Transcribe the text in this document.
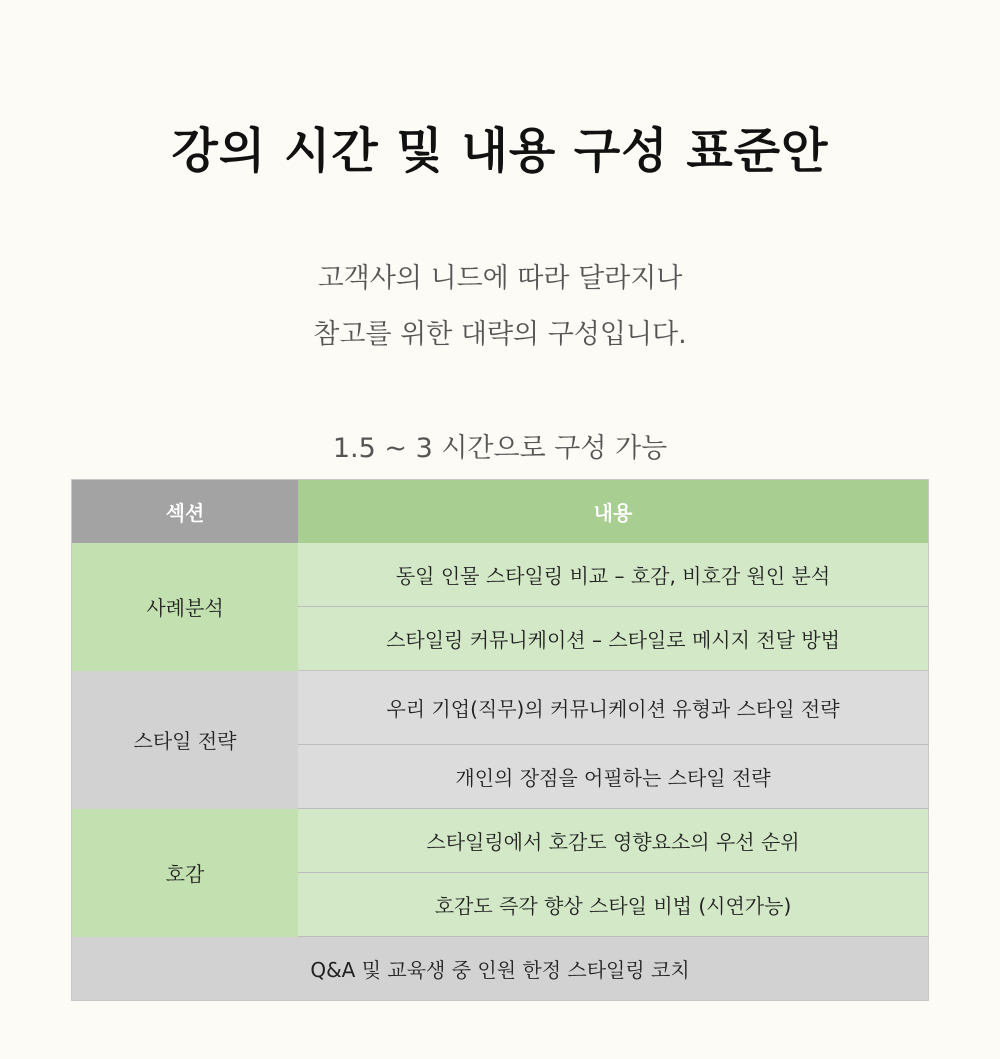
강의 시간 및 내용 구성 표준안
고객사의 니드에 따라 달라지나
참고를 위한 대략의 구성입니다.
1.5 ~ 3 시간으로 구성 가능
섹션	내용
사례분석	동일 인물 스타일링 비교 – 호감, 비호감 원인 분석
	스타일링 커뮤니케이션 – 스타일로 메시지 전달 방법
스타일 전략	우리 기업(직무)의 커뮤니케이션 유형과 스타일 전략
	개인의 장점을 어필하는 스타일 전략
호감	스타일링에서 호감도 영향요소의 우선 순위
	호감도 즉각 향상 스타일 비법 (시연가능)
Q&A 및 교육생 중 인원 한정 스타일링 코치	
